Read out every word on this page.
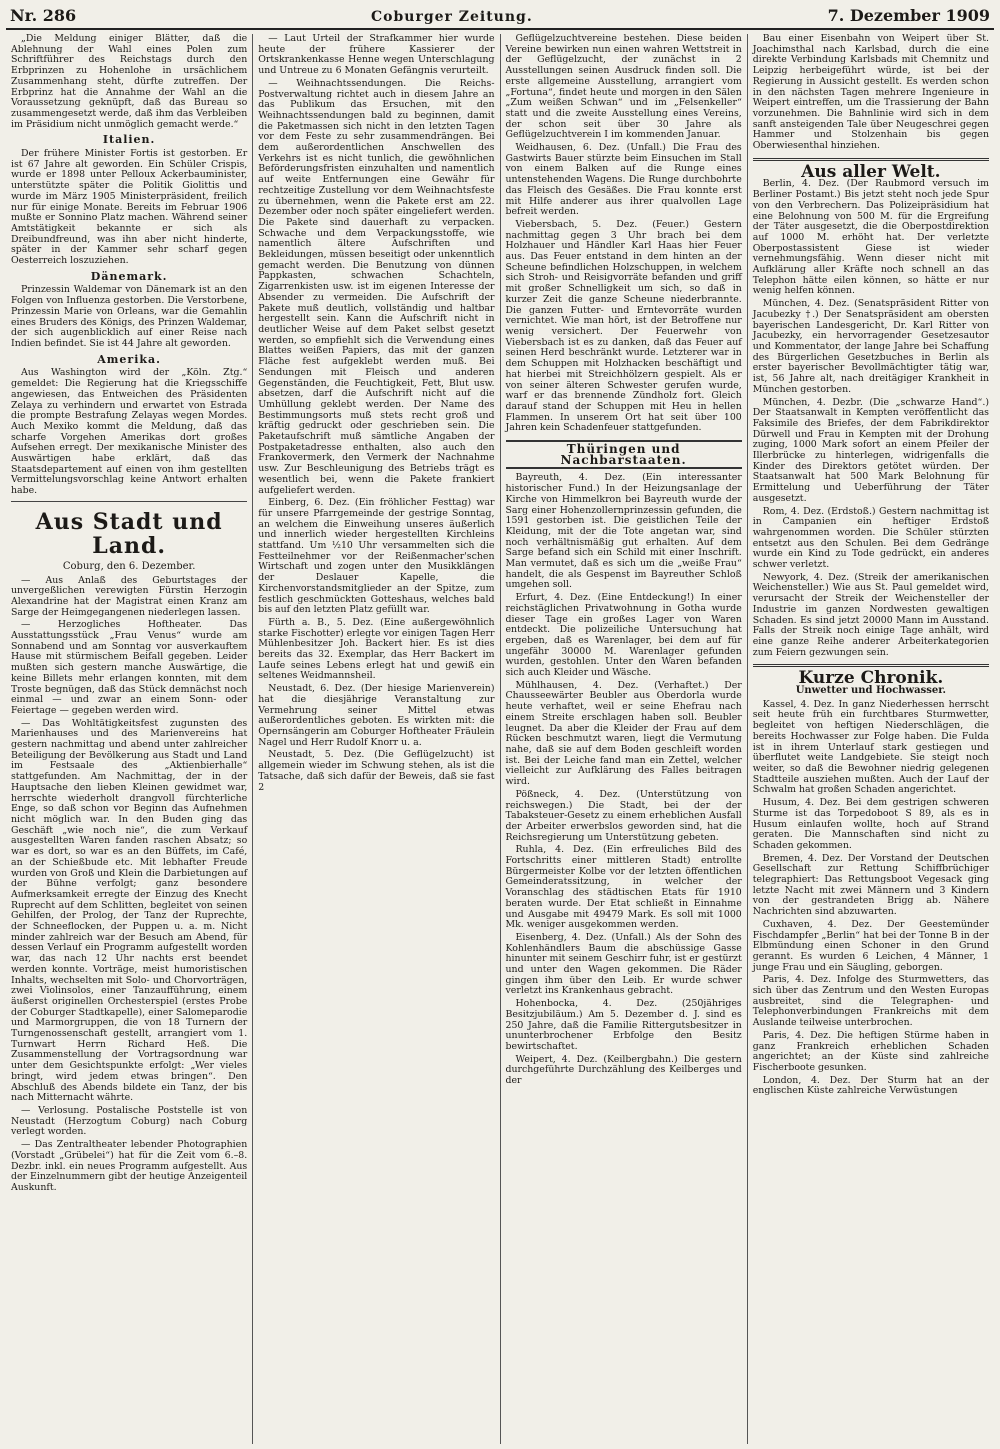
Nr. 286	Coburger Zeitung.	7. Dezember 1909

„Die Meldung einiger Blätter, daß die Ablehnung der Wahl eines Polen zum Schriftführer des Reichstags durch den Erbprinzen zu Hohenlohe in ursächlichem Zusammenhang steht, dürfte zutreffen. Der Erbprinz hat die Annahme der Wahl an die Voraussetzung geknüpft, daß das Bureau so zusammengesetzt werde, daß ihm das Verbleiben im Präsidium nicht unmöglich gemacht werde.“

Italien.

Der frühere Minister Fortis ist gestorben. Er ist 67 Jahre alt geworden. Ein Schüler Crispis, wurde er 1898 unter Pelloux Ackerbauminister, unterstützte später die Politik Giolittis und wurde im März 1905 Ministerpräsident, freilich nur für einige Monate. Bereits im Februar 1906 mußte er Sonnino Platz machen. Während seiner Amtstätigkeit bekannte er sich als Dreibundfreund, was ihn aber nicht hinderte, später in der Kammer sehr scharf gegen Oesterreich loszuziehen.

Dänemark.

Prinzessin Waldemar von Dänemark ist an den Folgen von Influenza gestorben. Die Verstorbene, Prinzessin Marie von Orleans, war die Gemahlin eines Bruders des Königs, des Prinzen Waldemar, der sich augenblicklich auf einer Reise nach Indien befindet. Sie ist 44 Jahre alt geworden.

Amerika.

Aus Washington wird der „Köln. Ztg.“ gemeldet: Die Regierung hat die Kriegsschiffe angewiesen, das Entweichen des Präsidenten Zelaya zu verhindern und erwartet von Estrada die prompte Bestrafung Zelayas wegen Mordes. Auch Mexiko kommt die Meldung, daß das scharfe Vorgehen Amerikas dort großes Aufsehen erregt. Der mexikanische Minister des Auswärtigen habe erklärt, daß das Staatsdepartement auf einen von ihm gestellten Vermittelungsvorschlag keine Antwort erhalten habe.

Aus Stadt und Land.
Coburg, den 6. Dezember.

— Aus Anlaß des Geburtstages der unvergeßlichen verewigten Fürstin Herzogin Alexandrine hat der Magistrat einen Kranz am Sarge der Heimgegangenen niederlegen lassen.

— Herzogliches Hoftheater. Das Ausstattungsstück „Frau Venus“ wurde am Sonnabend und am Sonntag vor ausverkauftem Hause mit stürmischem Beifall gegeben. Leider mußten sich gestern manche Auswärtige, die keine Billets mehr erlangen konnten, mit dem Troste begnügen, daß das Stück demnächst noch einmal — und zwar an einem Sonn- oder Feiertage — gegeben werden wird.

— Das Wohltätigkeitsfest zugunsten des Marienhauses und des Marienvereins hat gestern nachmittag und abend unter zahlreicher Beteiligung der Bevölkerung aus Stadt und Land im Festsaale des „Aktienbierhalle“ stattgefunden. Am Nachmittag, der in der Hauptsache den lieben Kleinen gewidmet war, herrschte wiederholt drangvoll fürchterliche Enge, so daß schon vor Beginn das Aufnehmen nicht möglich war. In den Buden ging das Geschäft „wie noch nie“, die zum Verkauf ausgestellten Waren fanden raschen Absatz; so war es dort, so war es an den Büffets, im Café, an der Schießbude etc. Mit lebhafter Freude wurden von Groß und Klein die Darbietungen auf der Bühne verfolgt; ganz besondere Aufmerksamkeit erregte der Einzug des Knecht Ruprecht auf dem Schlitten, begleitet von seinen Gehilfen, der Prolog, der Tanz der Ruprechte, der Schneeflocken, der Puppen u. a. m. Nicht minder zahlreich war der Besuch am Abend, für dessen Verlauf ein Programm aufgestellt worden war, das nach 12 Uhr nachts erst beendet werden konnte. Vorträge, meist humoristischen Inhalts, wechselten mit Solo- und Chorvorträgen, zwei Violinsolos, einer Tanzaufführung, einem äußerst originellen Orchesterspiel (erstes Probe der Coburger Stadtkapelle), einer Salomeparodie und Marmorgruppen, die von 18 Turnern der Turngenossenschaft gestellt, arrangiert vom 1. Turnwart Herrn Richard Heß. Die Zusammenstellung der Vortragsordnung war unter dem Gesichtspunkte erfolgt: „Wer vieles bringt, wird jedem etwas bringen“. Den Abschluß des Abends bildete ein Tanz, der bis nach Mitternacht währte.

— Verlosung. Postalische Poststelle ist von Neustadt (Herzogtum Coburg) nach Coburg verlegt worden.

— Das Zentraltheater lebender Photographien (Vorstadt „Grübelei“) hat für die Zeit vom 6.–8. Dezbr. inkl. ein neues Programm aufgestellt. Aus der Einzelnummern gibt der heutige Anzeigenteil Auskunft.

— Laut Urteil der Strafkammer hier wurde heute der frühere Kassierer der Ortskrankenkasse Henne wegen Unterschlagung und Untreue zu 6 Monaten Gefängnis verurteilt.

— Weihnachtssendungen. Die Reichs-Postverwaltung richtet auch in diesem Jahre an das Publikum das Ersuchen, mit den Weihnachtssendungen bald zu beginnen, damit die Paketmassen sich nicht in den letzten Tagen vor dem Feste zu sehr zusammendrängen. Bei dem außerordentlichen Anschwellen des Verkehrs ist es nicht tunlich, die gewöhnlichen Beförderungsfristen einzuhalten und namentlich auf weite Entfernungen eine Gewähr für rechtzeitige Zustellung vor dem Weihnachtsfeste zu übernehmen, wenn die Pakete erst am 22. Dezember oder noch später eingeliefert werden. Die Pakete sind dauerhaft zu verpacken. Schwache und dem Verpackungsstoffe, wie namentlich ältere Aufschriften und Bekleidungen, müssen beseitigt oder unkenntlich gemacht werden. Die Benutzung von dünnen Pappkasten, schwachen Schachteln, Zigarrenkisten usw. ist im eigenen Interesse der Absender zu vermeiden. Die Aufschrift der Pakete muß deutlich, vollständig und haltbar hergestellt sein. Kann die Aufschrift nicht in deutlicher Weise auf dem Paket selbst gesetzt werden, so empfiehlt sich die Verwendung eines Blattes weißen Papiers, das mit der ganzen Fläche fest aufgeklebt werden muß. Bei Sendungen mit Fleisch und anderen Gegenständen, die Feuchtigkeit, Fett, Blut usw. absetzen, darf die Aufschrift nicht auf die Umhüllung geklebt werden. Der Name des Bestimmungsorts muß stets recht groß und kräftig gedruckt oder geschrieben sein. Die Paketaufschrift muß sämtliche Angaben der Postpaketadresse enthalten, also auch den Frankovermerk, den Vermerk der Nachnahme usw. Zur Beschleunigung des Betriebs trägt es wesentlich bei, wenn die Pakete frankiert aufgeliefert werden.

Einberg, 6. Dez. (Ein fröhlicher Festtag) war für unsere Pfarrgemeinde der gestrige Sonntag, an welchem die Einweihung unseres äußerlich und innerlich wieder hergestellten Kirchleins stattfand. Um ½10 Uhr versammelten sich die Festteilnehmer vor der Reißenmacher'schen Wirtschaft und zogen unter den Musikklängen der Deslauer Kapelle, die Kirchenvorstandsmitglieder an der Spitze, zum festlich geschmückten Gotteshaus, welches bald bis auf den letzten Platz gefüllt war.

Fürth a. B., 5. Dez. (Eine außergewöhnlich starke Fischotter) erlegte vor einigen Tagen Herr Mühlenbesitzer Joh. Backert hier. Es ist dies bereits das 32. Exemplar, das Herr Backert im Laufe seines Lebens erlegt hat und gewiß ein seltenes Weidmannsheil.

Neustadt, 6. Dez. (Der hiesige Marienverein) hat die diesjährige Veranstaltung zur Vermehrung seiner Mittel etwas außerordentliches geboten. Es wirkten mit: die Opernsängerin am Coburger Hoftheater Fräulein Nagel und Herr Rudolf Knorr u. a.

Neustadt, 5. Dez. (Die Geflügelzucht) ist allgemein wieder im Schwung stehen, als ist die Tatsache, daß sich dafür der Beweis, daß sie fast 2

Geflügelzuchtvereine bestehen. Diese beiden Vereine bewirken nun einen wahren Wettstreit in der Geflügelzucht, der zunächst in 2 Ausstellungen seinen Ausdruck finden soll. Die erste allgemeine Ausstellung, arrangiert vom „Fortuna“, findet heute und morgen in den Sälen „Zum weißen Schwan“ und im „Felsenkeller“ statt und die zweite Ausstellung eines Vereins, der schon seit über 30 Jahre als Geflügelzuchtverein I im kommenden Januar.

Weidhausen, 6. Dez. (Unfall.) Die Frau des Gastwirts Bauer stürzte beim Einsuchen im Stall von einem Balken auf die Runge eines untenstehenden Wagens. Die Runge durchbohrte das Fleisch des Gesäßes. Die Frau konnte erst mit Hilfe anderer aus ihrer qualvollen Lage befreit werden.

Viebersbach, 5. Dez. (Feuer.) Gestern nachmittag gegen 3 Uhr brach bei dem Holzhauer und Händler Karl Haas hier Feuer aus. Das Feuer entstand in dem hinten an der Scheune befindlichen Holzschuppen, in welchem sich Stroh- und Reisigvorräte befanden und griff mit großer Schnelligkeit um sich, so daß in kurzer Zeit die ganze Scheune niederbrannte. Die ganzen Futter- und Erntevorräte wurden vernichtet. Wie man hört, ist der Betroffene nur wenig versichert. Der Feuerwehr von Viebersbach ist es zu danken, daß das Feuer auf seinen Herd beschränkt wurde. Letzterer war in dem Schuppen mit Holzhacken beschäftigt und hat hierbei mit Streichhölzern gespielt. Als er von seiner älteren Schwester gerufen wurde, warf er das brennende Zündholz fort. Gleich darauf stand der Schuppen mit Heu in hellen Flammen. In unserem Ort hat seit über 100 Jahren kein Schadenfeuer stattgefunden.

Thüringen und Nachbarstaaten.

Bayreuth, 4. Dez. (Ein interessanter historischer Fund.) In der Heizungsanlage der Kirche von Himmelkron bei Bayreuth wurde der Sarg einer Hohenzollernprinzessin gefunden, die 1591 gestorben ist. Die geistlichen Teile der Kleidung, mit der die Tote angetan war, sind noch verhältnismäßig gut erhalten. Auf dem Sarge befand sich ein Schild mit einer Inschrift. Man vermutet, daß es sich um die „weiße Frau“ handelt, die als Gespenst im Bayreuther Schloß umgehen soll.

Erfurt, 4. Dez. (Eine Entdeckung!) In einer reichstäglichen Privatwohnung in Gotha wurde dieser Tage ein großes Lager von Waren entdeckt. Die polizeiliche Untersuchung hat ergeben, daß es Warenlager, bei dem auf für ungefähr 30000 M. Warenlager gefunden wurden, gestohlen. Unter den Waren befanden sich auch Kleider und Wäsche.

Mühlhausen, 4. Dez. (Verhaftet.) Der Chausseewärter Beubler aus Oberdorla wurde heute verhaftet, weil er seine Ehefrau nach einem Streite erschlagen haben soll. Beubler leugnet. Da aber die Kleider der Frau auf dem Rücken beschmutzt waren, liegt die Vermutung nahe, daß sie auf dem Boden geschleift worden ist. Bei der Leiche fand man ein Zettel, welcher vielleicht zur Aufklärung des Falles beitragen wird.

Pößneck, 4. Dez. (Unterstützung von reichswegen.) Die Stadt, bei der der Tabaksteuer-Gesetz zu einem erheblichen Ausfall der Arbeiter erwerbslos geworden sind, hat die Reichsregierung um Unterstützung gebeten.

Ruhla, 4. Dez. (Ein erfreuliches Bild des Fortschritts einer mittleren Stadt) entrollte Bürgermeister Kolbe vor der letzten öffentlichen Gemeinderatssitzung, in welcher der Voranschlag des städtischen Etats für 1910 beraten wurde. Der Etat schließt in Einnahme und Ausgabe mit 49479 Mark. Es soll mit 1000 Mk. weniger ausgekommen werden.

Eisenberg, 4. Dez. (Unfall.) Als der Sohn des Kohlenhändlers Baum die abschüssige Gasse hinunter mit seinem Geschirr fuhr, ist er gestürzt und unter den Wagen gekommen. Die Räder gingen ihm über den Leib. Er wurde schwer verletzt ins Krankenhaus gebracht.

Hohenbocka, 4. Dez. (250jähriges Besitzjubiläum.) Am 5. Dezember d. J. sind es 250 Jahre, daß die Familie Rittergutsbesitzer in ununterbrochener Erbfolge den Besitz bewirtschaftet.

Weipert, 4. Dez. (Keilbergbahn.) Die gestern durchgeführte Durchzählung des Keilberges und der

Bau einer Eisenbahn von Weipert über St. Joachimsthal nach Karlsbad, durch die eine direkte Verbindung Karlsbads mit Chemnitz und Leipzig herbeigeführt würde, ist bei der Regierung in Aussicht gestellt. Es werden schon in den nächsten Tagen mehrere Ingenieure in Weipert eintreffen, um die Trassierung der Bahn vorzunehmen. Die Bahnlinie wird sich in dem sanft ansteigenden Tale über Neugeschrei gegen Hammer und Stolzenhain bis gegen Oberwiesenthal hinziehen.

Aus aller Welt.

Berlin, 4. Dez. (Der Raubmord versuch im Berliner Postamt.) Bis jetzt steht noch jede Spur von den Verbrechern. Das Polizeipräsidium hat eine Belohnung von 500 M. für die Ergreifung der Täter ausgesetzt, die die Oberpostdirektion auf 1000 M. erhöht hat. Der verletzte Oberpostassistent Giese ist wieder vernehmungsfähig. Wenn dieser nicht mit Aufklärung aller Kräfte noch schnell an das Telephon hätte eilen können, so hätte er nur wenig helfen können.

München, 4. Dez. (Senatspräsident Ritter von Jacubezky †.) Der Senatspräsident am obersten bayerischen Landesgericht, Dr. Karl Ritter von Jacubezky, ein hervorragender Gesetzesautor und Kommentator, der lange Jahre bei Schaffung des Bürgerlichen Gesetzbuches in Berlin als erster bayerischer Bevollmächtigter tätig war, ist, 56 Jahre alt, nach dreitägiger Krankheit in München gestorben.

München, 4. Dezbr. (Die „schwarze Hand“.) Der Staatsanwalt in Kempten veröffentlicht das Faksimile des Briefes, der dem Fabrikdirektor Dürwell und Frau in Kempten mit der Drohung zuging, 1000 Mark sofort an einem Pfeiler der Illerbrücke zu hinterlegen, widrigenfalls die Kinder des Direktors getötet würden. Der Staatsanwalt hat 500 Mark Belohnung für Ermittelung und Ueberführung der Täter ausgesetzt.

Rom, 4. Dez. (Erdstoß.) Gestern nachmittag ist in Campanien ein heftiger Erdstoß wahrgenommen worden. Die Schüler stürzten entsetzt aus den Schulen. Bei dem Gedränge wurde ein Kind zu Tode gedrückt, ein anderes schwer verletzt.

Newyork, 4. Dez. (Streik der amerikanischen Weichensteller.) Wie aus St. Paul gemeldet wird, verursacht der Streik der Weichensteller der Industrie im ganzen Nordwesten gewaltigen Schaden. Es sind jetzt 20000 Mann im Ausstand. Falls der Streik noch einige Tage anhält, wird eine ganze Reihe anderer Arbeiterkategorien zum Feiern gezwungen sein.

Kurze Chronik.
Unwetter und Hochwasser.

Kassel, 4. Dez. In ganz Niederhessen herrscht seit heute früh ein furchtbares Sturmwetter, begleitet von heftigen Niederschlägen, die bereits Hochwasser zur Folge haben. Die Fulda ist in ihrem Unterlauf stark gestiegen und überflutet weite Landgebiete. Sie steigt noch weiter, so daß die Bewohner niedrig gelegenen Stadtteile ausziehen mußten. Auch der Lauf der Schwalm hat großen Schaden angerichtet.

Husum, 4. Dez. Bei dem gestrigen schweren Sturme ist das Torpedoboot S 89, als es in Husum einlaufen wollte, hoch auf Strand geraten. Die Mannschaften sind nicht zu Schaden gekommen.

Bremen, 4. Dez. Der Vorstand der Deutschen Gesellschaft zur Rettung Schiffbrüchiger telegraphiert: Das Rettungsboot Vegesack ging letzte Nacht mit zwei Männern und 3 Kindern von der gestrandeten Brigg ab. Nähere Nachrichten sind abzuwarten.

Cuxhaven, 4. Dez. Der Geestemünder Fischdampfer „Berlin“ hat bei der Tonne B in der Elbmündung einen Schoner in den Grund gerannt. Es wurden 6 Leichen, 4 Männer, 1 junge Frau und ein Säugling, geborgen.

Paris, 4. Dez. Infolge des Sturmwetters, das sich über das Zentrum und den Westen Europas ausbreitet, sind die Telegraphen- und Telephonverbindungen Frankreichs mit dem Auslande teilweise unterbrochen.

Paris, 4. Dez. Die heftigen Stürme haben in ganz Frankreich erheblichen Schaden angerichtet; an der Küste sind zahlreiche Fischerboote gesunken.

London, 4. Dez. Der Sturm hat an der englischen Küste zahlreiche Verwüstungen
